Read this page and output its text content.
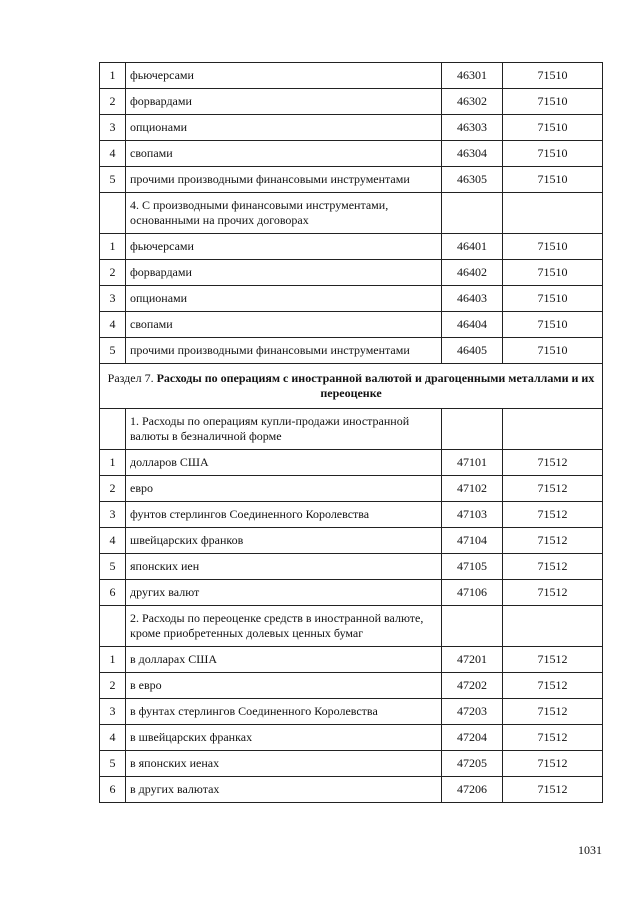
1	фьючерсами	46301	71510
2	форвардами	46302	71510
3	опционами	46303	71510
4	свопами	46304	71510
5	прочими производными финансовыми инструментами	46305	71510
	4. С производными финансовыми инструментами, основанными на прочих договорах		
1	фьючерсами	46401	71510
2	форвардами	46402	71510
3	опционами	46403	71510
4	свопами	46404	71510
5	прочими производными финансовыми инструментами	46405	71510
Раздел 7. Расходы по операциям с иностранной валютой и драгоценными металлами и их переоценке			
	1. Расходы по операциям купли-продажи иностранной валюты в безналичной форме		
1	долларов США	47101	71512
2	евро	47102	71512
3	фунтов стерлингов Соединенного Королевства	47103	71512
4	швейцарских франков	47104	71512
5	японских иен	47105	71512
6	других валют	47106	71512
	2. Расходы по переоценке средств в иностранной валюте, кроме приобретенных долевых ценных бумаг		
1	в долларах США	47201	71512
2	в евро	47202	71512
3	в фунтах стерлингов Соединенного Королевства	47203	71512
4	в швейцарских франках	47204	71512
5	в японских иенах	47205	71512
6	в других валютах	47206	71512
1031
